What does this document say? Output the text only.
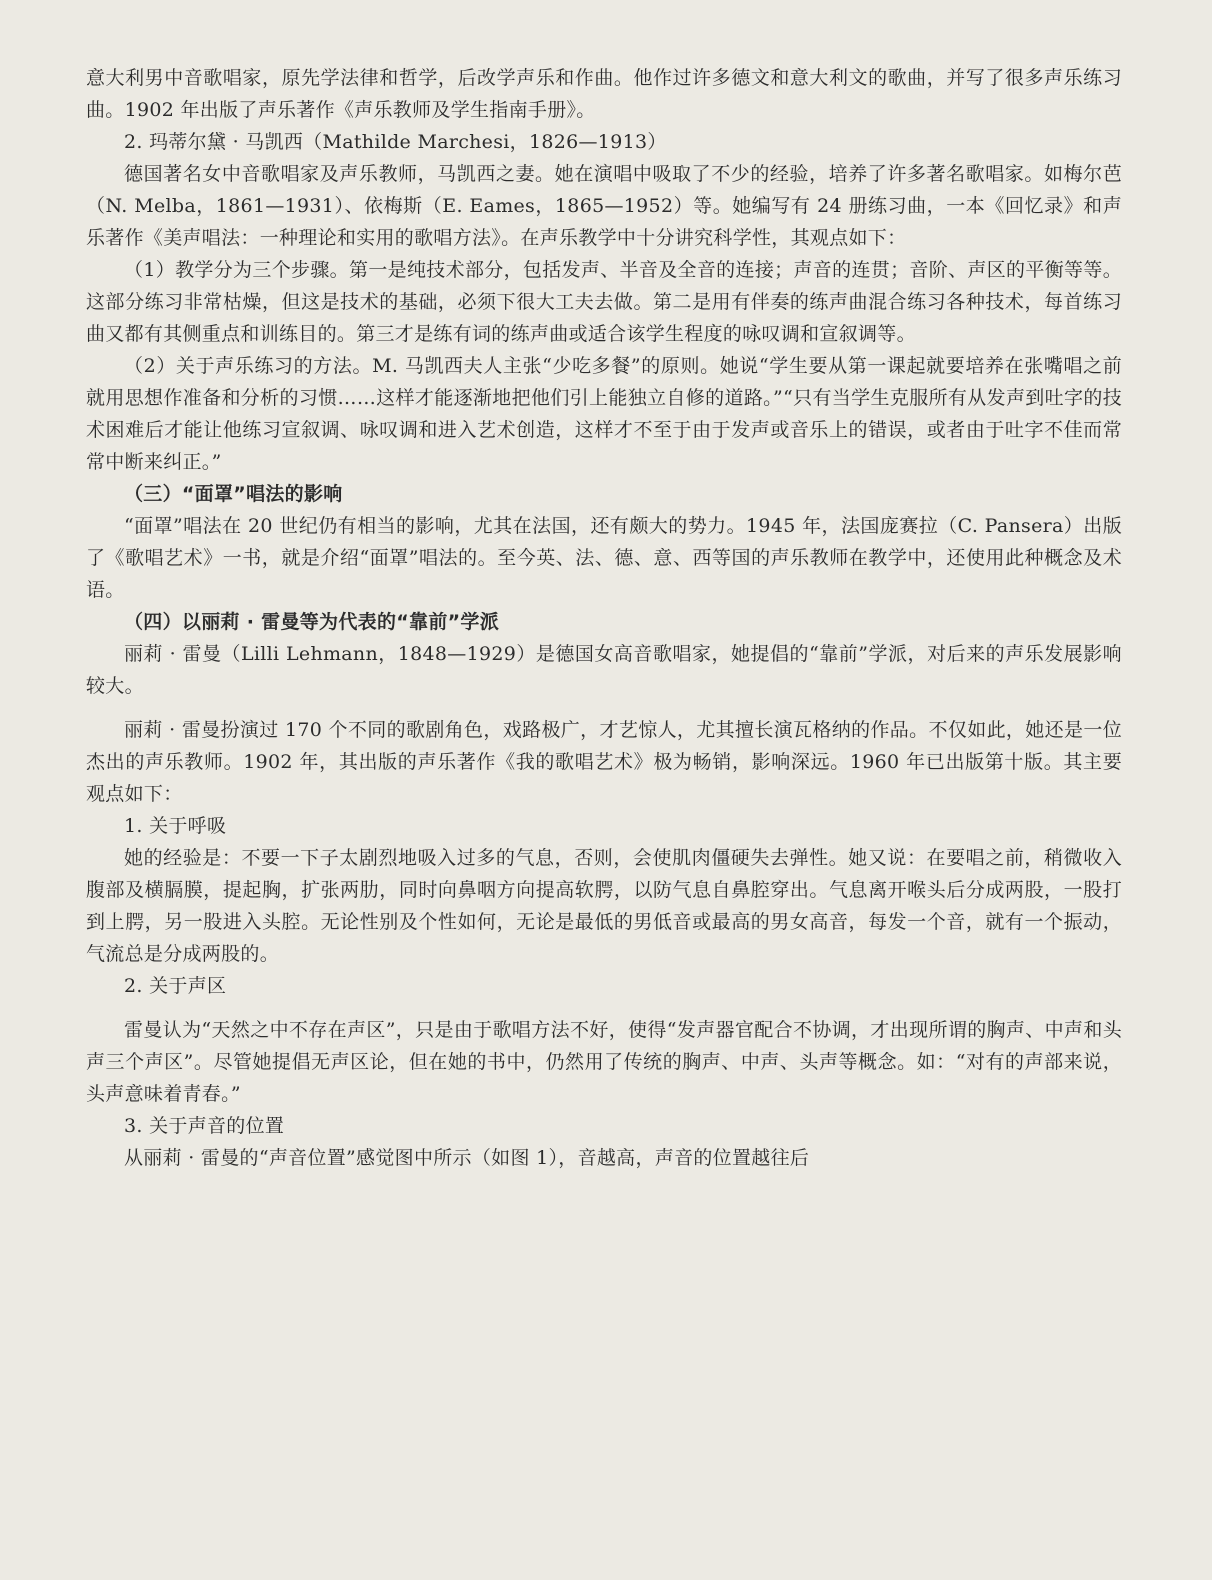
意大利男中音歌唱家，原先学法律和哲学，后改学声乐和作曲。他作过许多德文和意大利文的歌曲，并写了很多声乐练习曲。1902 年出版了声乐著作《声乐教师及学生指南手册》。

2. 玛蒂尔黛 · 马凯西（Mathilde Marchesi，1826—1913）

德国著名女中音歌唱家及声乐教师，马凯西之妻。她在演唱中吸取了不少的经验，培养了许多著名歌唱家。如梅尔芭（N. Melba，1861—1931）、依梅斯（E. Eames，1865—1952）等。她编写有 24 册练习曲，一本《回忆录》和声乐著作《美声唱法：一种理论和实用的歌唱方法》。在声乐教学中十分讲究科学性，其观点如下：

（1）教学分为三个步骤。第一是纯技术部分，包括发声、半音及全音的连接；声音的连贯；音阶、声区的平衡等等。这部分练习非常枯燥，但这是技术的基础，必须下很大工夫去做。第二是用有伴奏的练声曲混合练习各种技术，每首练习曲又都有其侧重点和训练目的。第三才是练有词的练声曲或适合该学生程度的咏叹调和宣叙调等。

（2）关于声乐练习的方法。M. 马凯西夫人主张“少吃多餐”的原则。她说“学生要从第一课起就要培养在张嘴唱之前就用思想作准备和分析的习惯……这样才能逐渐地把他们引上能独立自修的道路。”“只有当学生克服所有从发声到吐字的技术困难后才能让他练习宣叙调、咏叹调和进入艺术创造，这样才不至于由于发声或音乐上的错误，或者由于吐字不佳而常常中断来纠正。”

（三）“面罩”唱法的影响

“面罩”唱法在 20 世纪仍有相当的影响，尤其在法国，还有颇大的势力。1945 年，法国庞赛拉（C. Pansera）出版了《歌唱艺术》一书，就是介绍“面罩”唱法的。至今英、法、德、意、西等国的声乐教师在教学中，还使用此种概念及术语。

（四）以丽莉 · 雷曼等为代表的“靠前”学派

丽莉 · 雷曼（Lilli Lehmann，1848—1929）是德国女高音歌唱家，她提倡的“靠前”学派，对后来的声乐发展影响较大。

丽莉 · 雷曼扮演过 170 个不同的歌剧角色，戏路极广，才艺惊人，尤其擅长演瓦格纳的作品。不仅如此，她还是一位杰出的声乐教师。1902 年，其出版的声乐著作《我的歌唱艺术》极为畅销，影响深远。1960 年已出版第十版。其主要观点如下：

1. 关于呼吸

她的经验是：不要一下子太剧烈地吸入过多的气息，否则，会使肌肉僵硬失去弹性。她又说：在要唱之前，稍微收入腹部及横膈膜，提起胸，扩张两肋，同时向鼻咽方向提高软腭，以防气息自鼻腔穿出。气息离开喉头后分成两股，一股打到上腭，另一股进入头腔。无论性别及个性如何，无论是最低的男低音或最高的男女高音，每发一个音，就有一个振动，气流总是分成两股的。

2. 关于声区

雷曼认为“天然之中不存在声区”，只是由于歌唱方法不好，使得“发声器官配合不协调，才出现所谓的胸声、中声和头声三个声区”。尽管她提倡无声区论，但在她的书中，仍然用了传统的胸声、中声、头声等概念。如：“对有的声部来说，头声意味着青春。”

3. 关于声音的位置

从丽莉 · 雷曼的“声音位置”感觉图中所示（如图 1），音越高，声音的位置越往后
